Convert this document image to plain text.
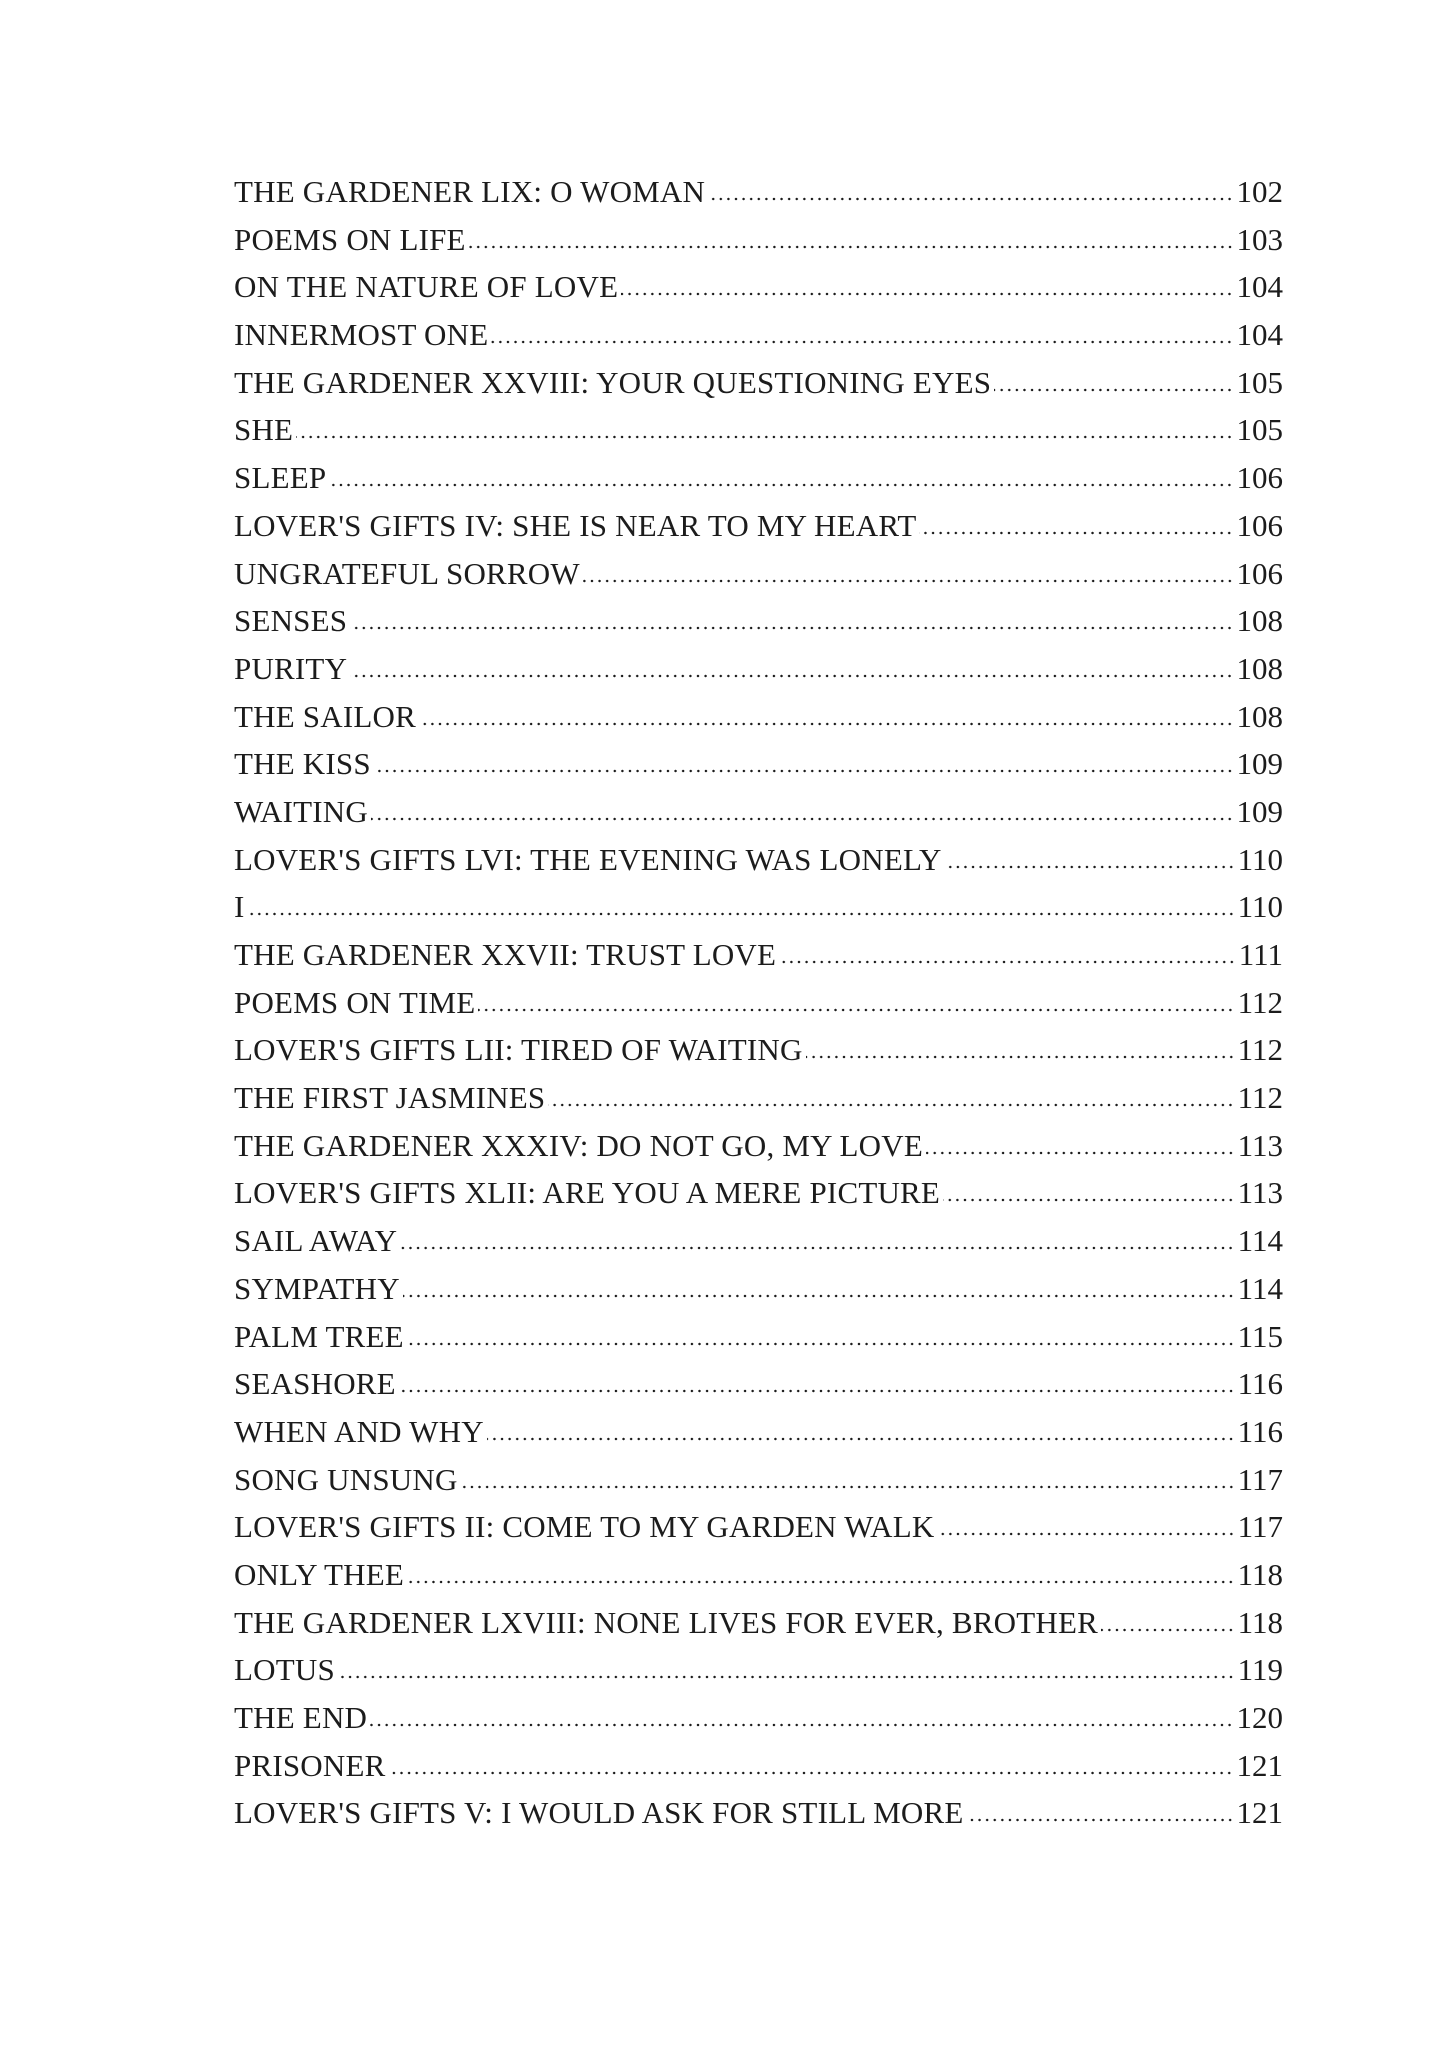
THE GARDENER LIX: O WOMAN	102
POEMS ON LIFE	103
ON THE NATURE OF LOVE	104
INNERMOST ONE	104
THE GARDENER XXVIII: YOUR QUESTIONING EYES	105
SHE	105
SLEEP	106
LOVER'S GIFTS IV: SHE IS NEAR TO MY HEART	106
UNGRATEFUL SORROW	106
SENSES	108
PURITY	108
THE SAILOR	108
THE KISS	109
WAITING	109
LOVER'S GIFTS LVI: THE EVENING WAS LONELY	110
I	110
THE GARDENER XXVII: TRUST LOVE	111
POEMS ON TIME	112
LOVER'S GIFTS LII: TIRED OF WAITING	112
THE FIRST JASMINES	112
THE GARDENER XXXIV: DO NOT GO, MY LOVE	113
LOVER'S GIFTS XLII: ARE YOU A MERE PICTURE	113
SAIL AWAY	114
SYMPATHY	114
PALM TREE	115
SEASHORE	116
WHEN AND WHY	116
SONG UNSUNG	117
LOVER'S GIFTS II: COME TO MY GARDEN WALK	117
ONLY THEE	118
THE GARDENER LXVIII: NONE LIVES FOR EVER, BROTHER	118
LOTUS	119
THE END	120
PRISONER	121
LOVER'S GIFTS V: I WOULD ASK FOR STILL MORE	121
